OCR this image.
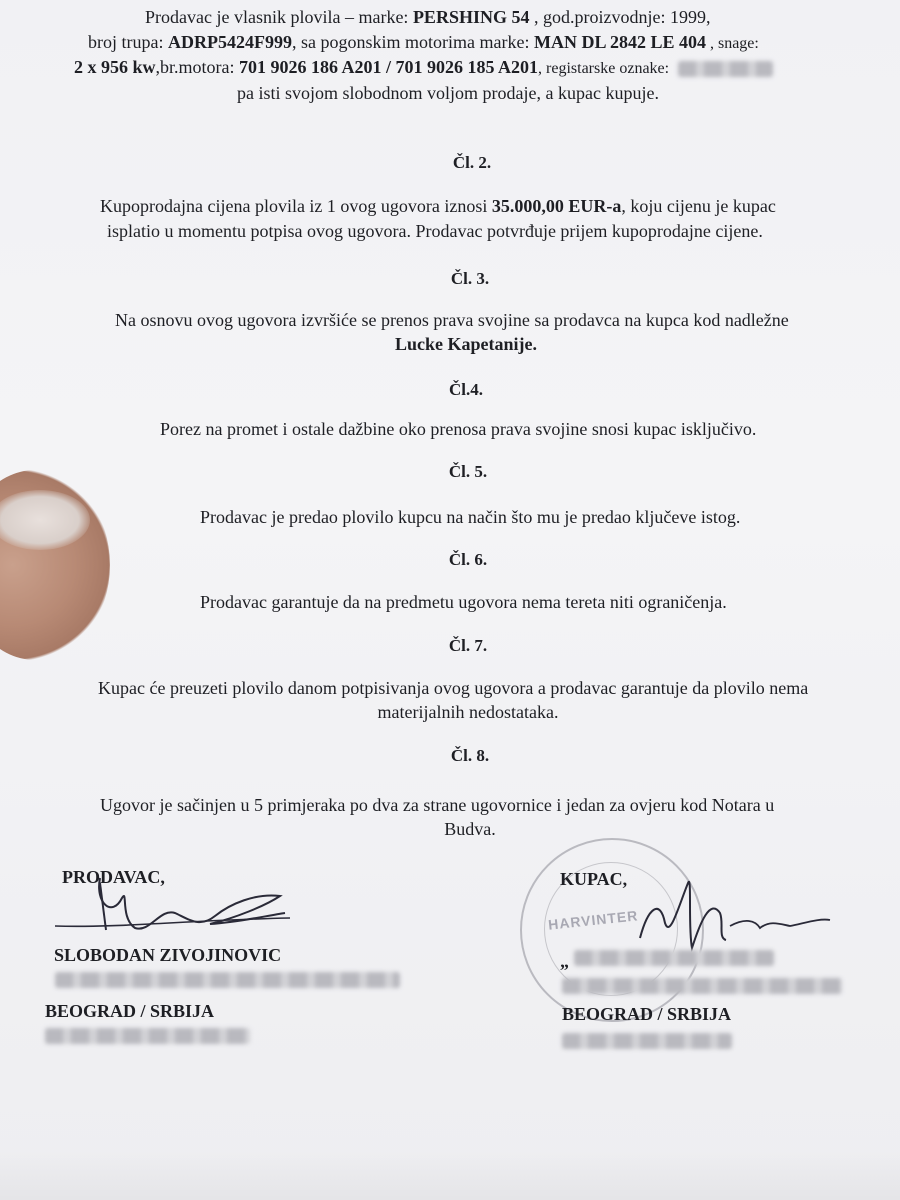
Prodavac je vlasnik plovila – marke: PERSHING 54 , god.proizvodnje: 1999,
broj trupa: ADRP5424F999, sa pogonskim motorima marke: MAN DL 2842 LE 404 , snage:
2 x 956 kw,br.motora: 701 9026 186 A201 / 701 9026 185 A201, registarske oznake:
pa isti svojom slobodnom voljom prodaje, a kupac kupuje.
Čl. 2.
Kupoprodajna cijena plovila iz 1 ovog ugovora iznosi 35.000,00 EUR-a, koju cijenu je kupac
isplatio u momentu potpisa ovog ugovora. Prodavac potvrđuje prijem kupoprodajne cijene.
Čl. 3.
Na osnovu ovog ugovora izvršiće se prenos prava svojine sa prodavca na kupca kod nadležne
Lucke Kapetanije.
Čl.4.
Porez na promet i ostale dažbine oko prenosa prava svojine snosi kupac isključivo.
Čl. 5.
Prodavac je predao plovilo kupcu na način što mu je predao ključeve istog.
Čl. 6.
Prodavac garantuje da na predmetu ugovora nema tereta niti ograničenja.
Čl. 7.
Kupac će preuzeti plovilo danom potpisivanja ovog ugovora a prodavac garantuje da plovilo nema
materijalnih nedostataka.
Čl. 8.
Ugovor je sačinjen u 5 primjeraka po dva za strane ugovornice i jedan za ovjeru kod Notara u
Budva.
PRODAVAC,
SLOBODAN ZIVOJINOVIC
BEOGRAD / SRBIJA
HARVINTER
KUPAC,
„
BEOGRAD / SRBIJA
